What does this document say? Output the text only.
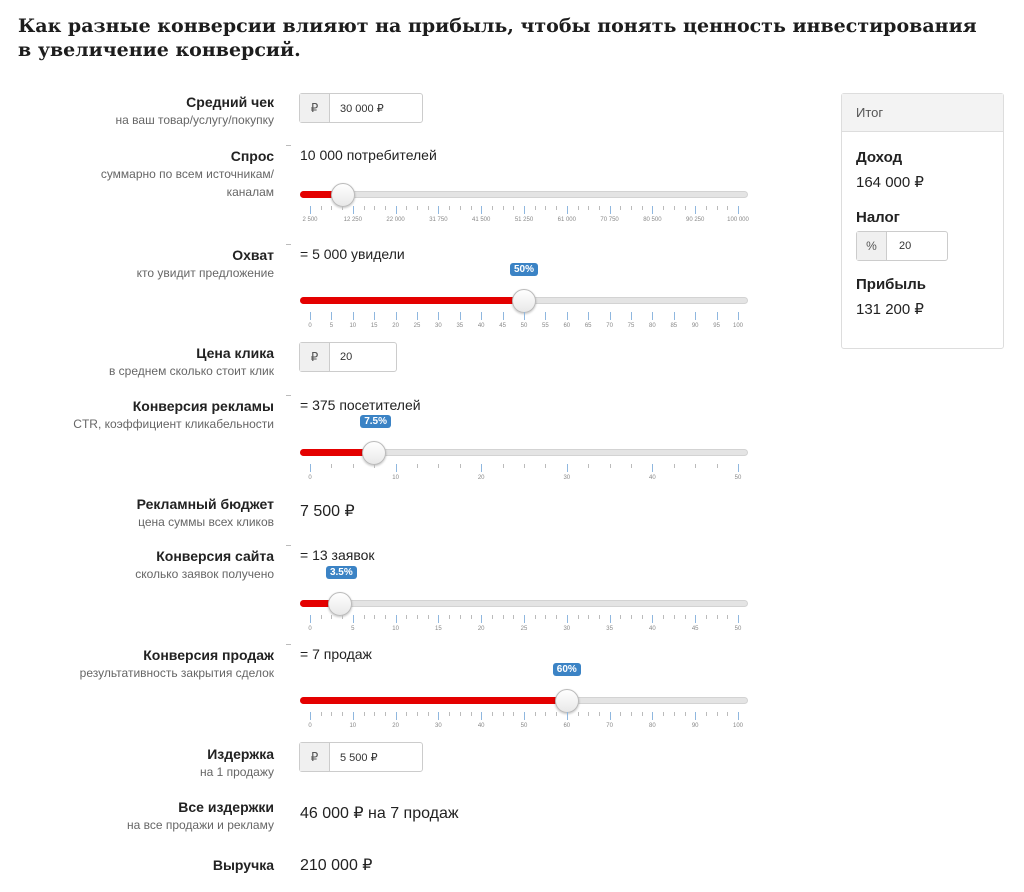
Как разные конверсии влияют на прибыль, чтобы понять ценность инвестирования в увеличение конверсий.
Средний чек
на ваш товар/услугу/покупку
₽	30 000 ₽
Спрос
суммарно по всем источникам/ каналам
10 000 потребителей
2 500	12 250	22 000	31 750	41 500	51 250	61 000	70 750	80 500	90 250	100 000
Охват
кто увидит предложение
= 5 000 увидели
50%
0	5	10 15 20 25 30 35 40 45 50 55 60 65 70 75 80 85 90 95 100
Цена клика
в среднем сколько стоит клик
₽	20
Конверсия рекламы
CTR, коэффициент кликабельности
= 375 посетителей
7.5%
0	10	20	30	40	50
Рекламный бюджет
цена суммы всех кликов
7 500 ₽
Конверсия сайта
сколько заявок получено
= 13 заявок
3.5%
0	5	10	15	20	25	30	35	40	45	50
Конверсия продаж
результативность закрытия сделок
= 7 продаж
60%
0	10	20	30	40	50	60	70	80	90	100
Издержка
на 1 продажу
₽	5 500 ₽
Все издержки
на все продажи и рекламу
46 000 ₽ на 7 продаж
Выручка 210 000 ₽
Итог
Доход
164 000 ₽
Налог
%	20
Прибыль
131 200 ₽
